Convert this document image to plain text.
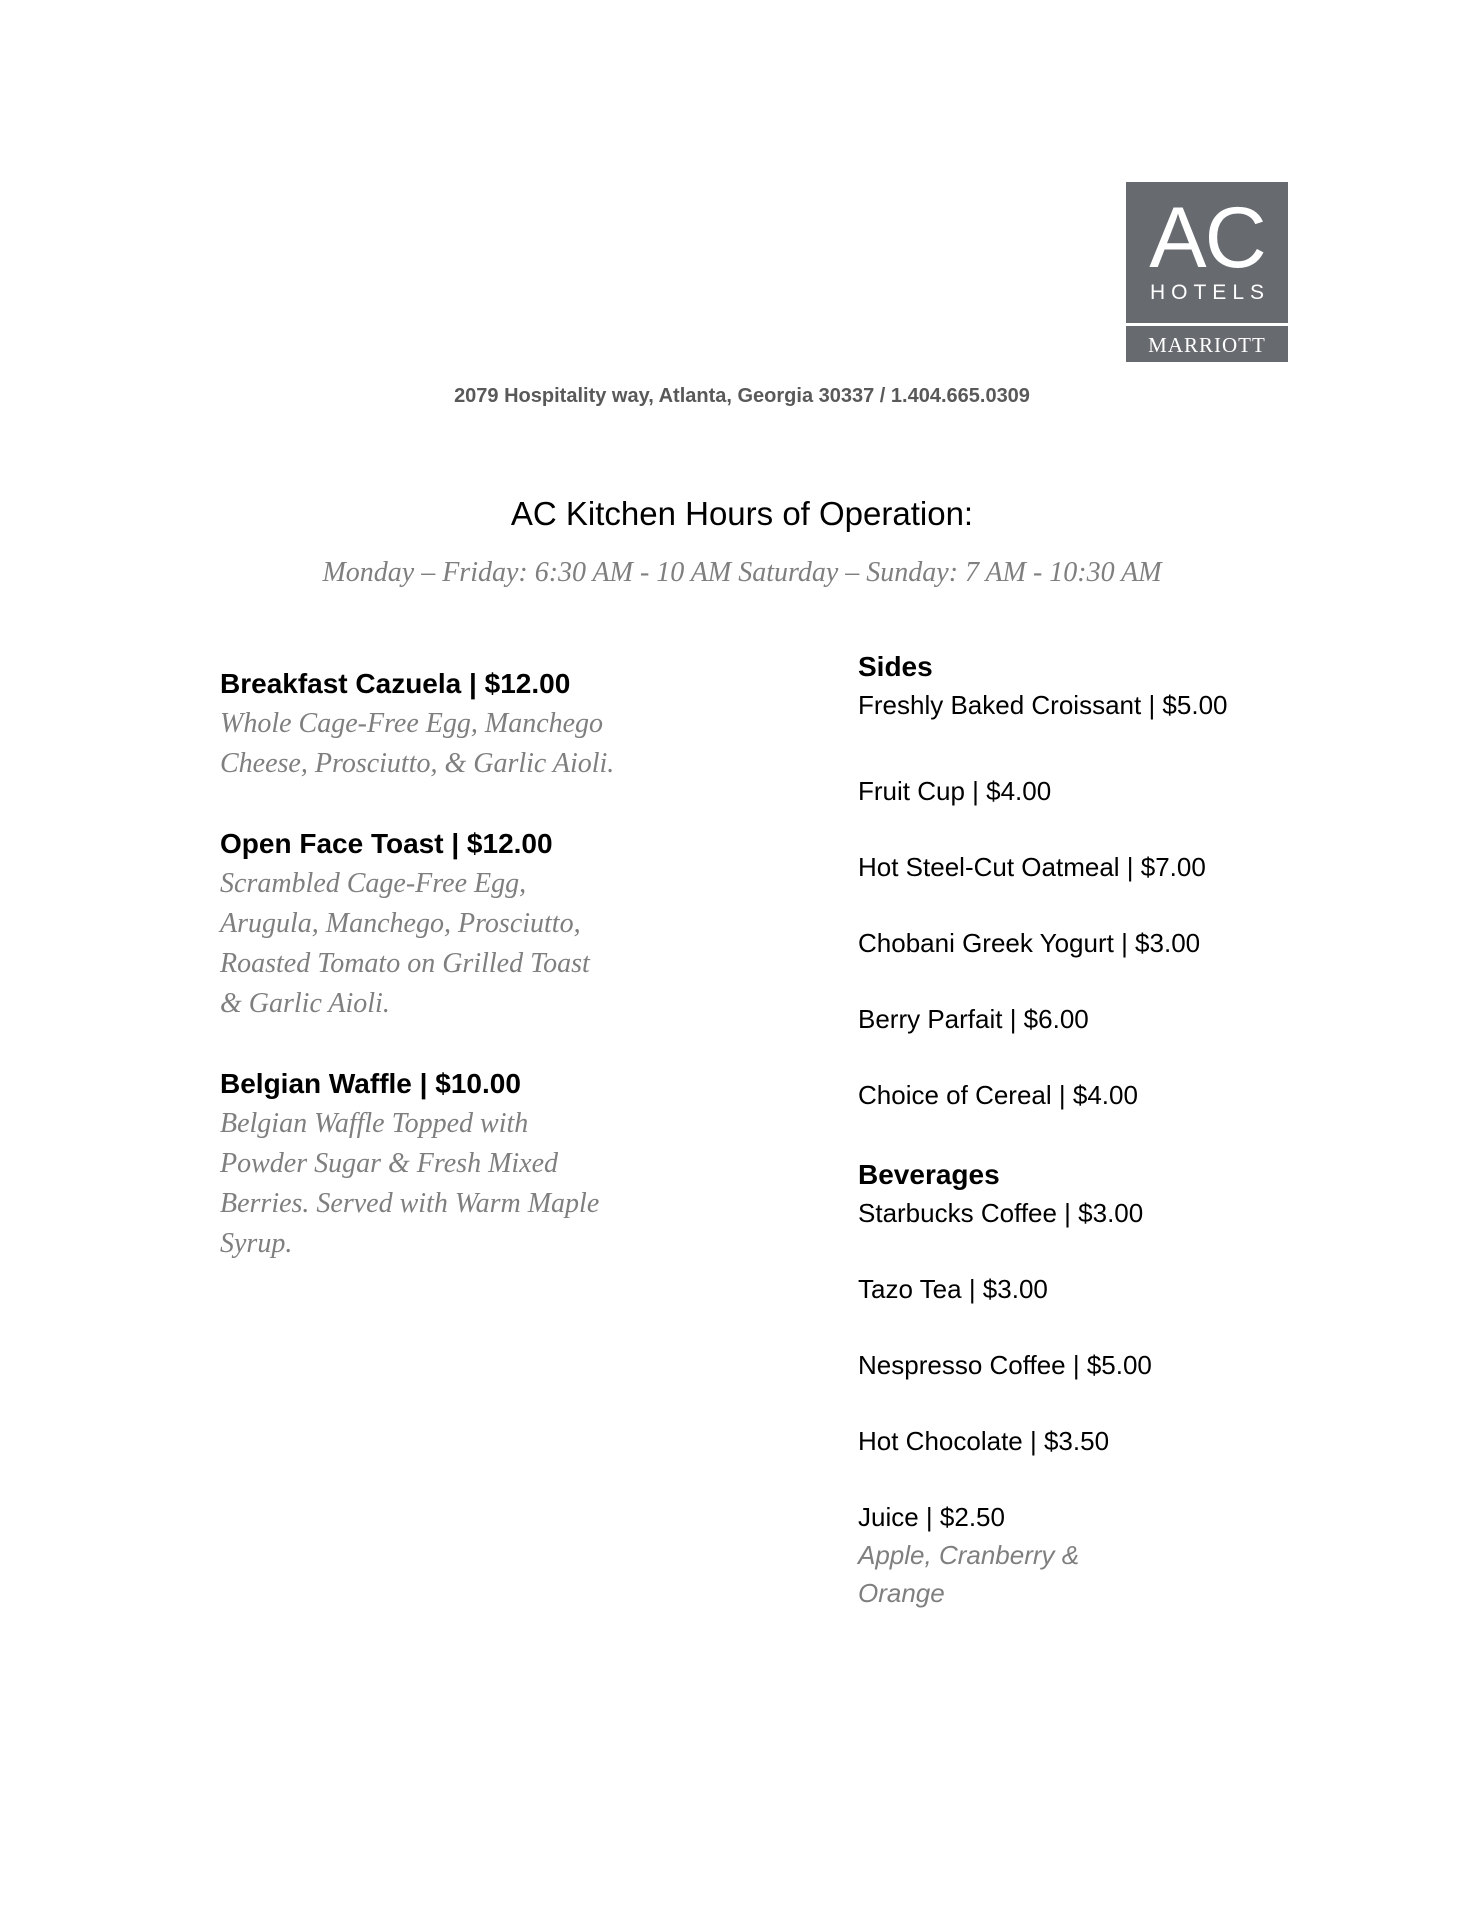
AC
HOTELS
MARRIOTT
2079 Hospitality way, Atlanta, Georgia 30337 / 1.404.665.0309
AC Kitchen Hours of Operation:
Monday – Friday: 6:30 AM - 10 AM Saturday – Sunday: 7 AM - 10:30 AM
Breakfast Cazuela | $12.00
Whole Cage-Free Egg, Manchego
Cheese, Prosciutto, & Garlic Aioli.
Open Face Toast | $12.00
Scrambled Cage-Free Egg,
Arugula, Manchego, Prosciutto,
Roasted Tomato on Grilled Toast
& Garlic Aioli.
Belgian Waffle | $10.00
Belgian Waffle Topped with
Powder Sugar & Fresh Mixed
Berries. Served with Warm Maple
Syrup.
Sides
Freshly Baked Croissant | $5.00
Fruit Cup | $4.00
Hot Steel-Cut Oatmeal | $7.00
Chobani Greek Yogurt | $3.00
Berry Parfait | $6.00
Choice of Cereal | $4.00
Beverages
Starbucks Coffee | $3.00
Tazo Tea | $3.00
Nespresso Coffee | $5.00
Hot Chocolate | $3.50
Juice | $2.50
Apple, Cranberry & Orange
